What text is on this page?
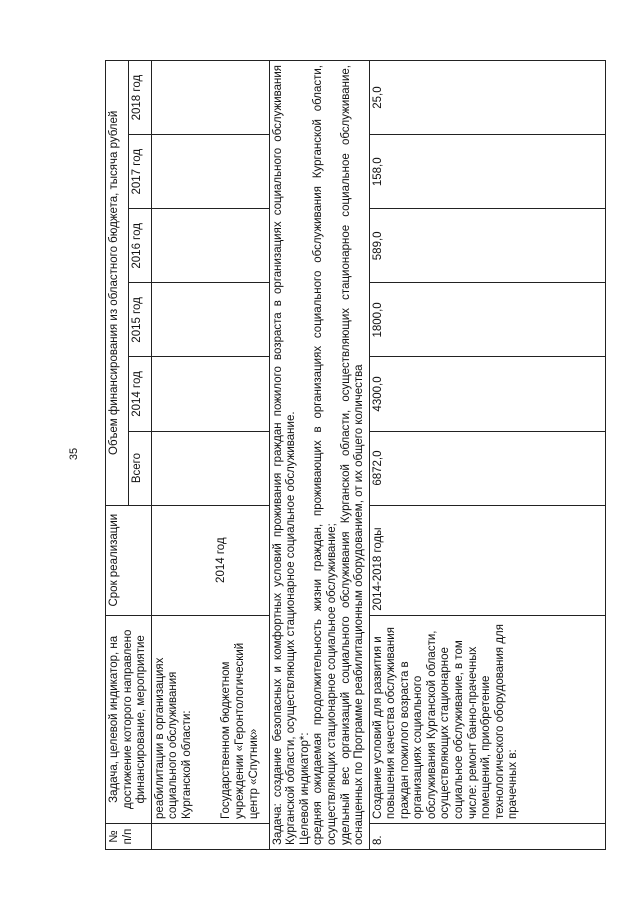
35
№ п/п	Задача, целевой индикатор, на достижение которого направлено финансирование, мероприятие	Срок реализации	Объем финансирования из областного бюджета, тысяча рублей					
			Всего	2014 год	2015 год	2016 год	2017 год	2018 год
	реабилитации в организациях социального обслуживания Курганской области: Государственном бюджетном учреждении «Геронтологический центр «Спутник»	2014 год						

Задача: создание безопасных и комфортных условий проживания граждан пожилого возраста в организациях социального обслуживания Курганской области, осуществляющих стационарное социальное обслуживание. Целевой индикатор*: средняя ожидаемая продолжительность жизни граждан, проживающих в организациях социального обслуживания Курганской области, осуществляющих стационарное социальное обслуживание; удельный вес организаций социального обслуживания Курганской области, осуществляющих стационарное социальное обслуживание, оснащенных по Программе реабилитационным оборудованием, от их общего количества								

8.	Создание условий для развития и повышения качества обслуживания граждан пожилого возраста в организациях социального обслуживания Курганской области, осуществляющих стационарное социальное обслуживание, в том числе: ремонт банно-прачечных помещений, приобретение технологического оборудования для прачечных в:	2014-2018 годы	6872,0	4300,0	1800,0	589,0	158,0	25,0
